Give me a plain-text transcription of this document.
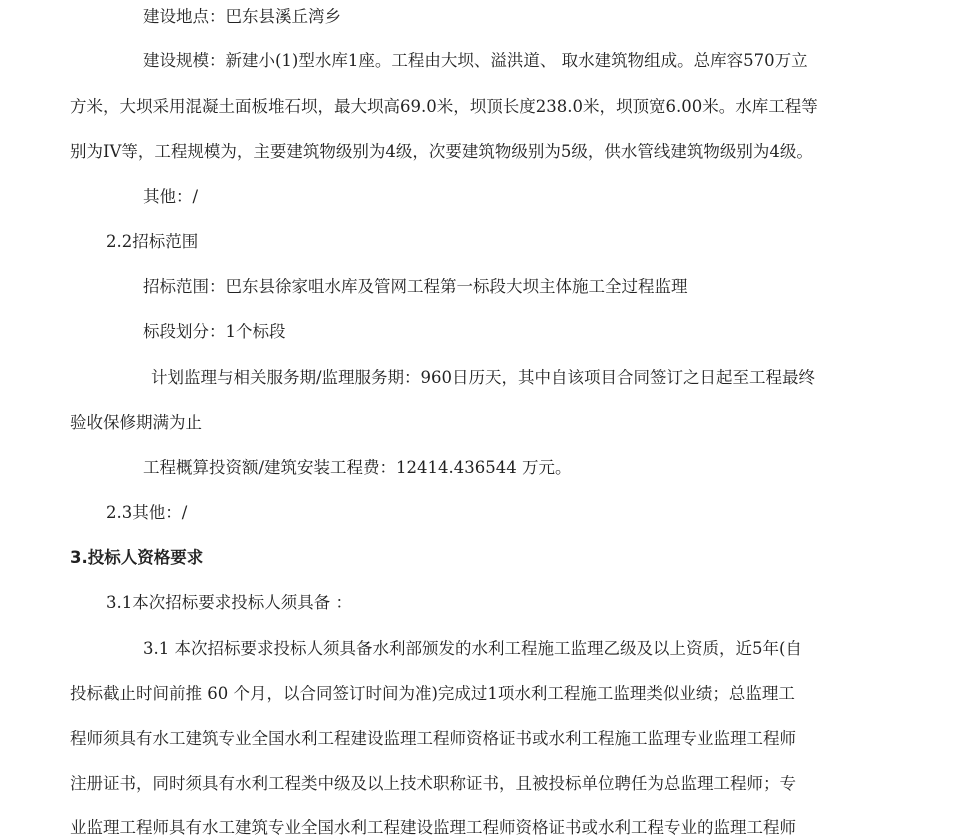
建设地点：巴东县溪丘湾乡
建设规模：新建小(1)型水库1座。工程由大坝、溢洪道、 取水建筑物组成。总库容570万立
方米，大坝采用混凝土面板堆石坝，最大坝高69.0米，坝顶长度238.0米，坝顶宽6.00米。水库工程等
别为IV等，工程规模为，主要建筑物级别为4级，次要建筑物级别为5级，供水管线建筑物级别为4级。
其他：/
2.2招标范围
招标范围：巴东县徐家咀水库及管网工程第一标段大坝主体施工全过程监理
标段划分：1个标段
计划监理与相关服务期/监理服务期：960日历天，其中自该项目合同签订之日起至工程最终
验收保修期满为止
工程概算投资额/建筑安装工程费：12414.436544 万元。
2.3其他：/
3.投标人资格要求
3.1本次招标要求投标人须具备 ：
3.1 本次招标要求投标人须具备水利部颁发的水利工程施工监理乙级及以上资质，近5年(自
投标截止时间前推 60 个月，以合同签订时间为准)完成过1项水利工程施工监理类似业绩；总监理工
程师须具有水工建筑专业全国水利工程建设监理工程师资格证书或水利工程施工监理专业监理工程师
注册证书，同时须具有水利工程类中级及以上技术职称证书，且被投标单位聘任为总监理工程师；专
业监理工程师具有水工建筑专业全国水利工程建设监理工程师资格证书或水利工程专业的监理工程师
